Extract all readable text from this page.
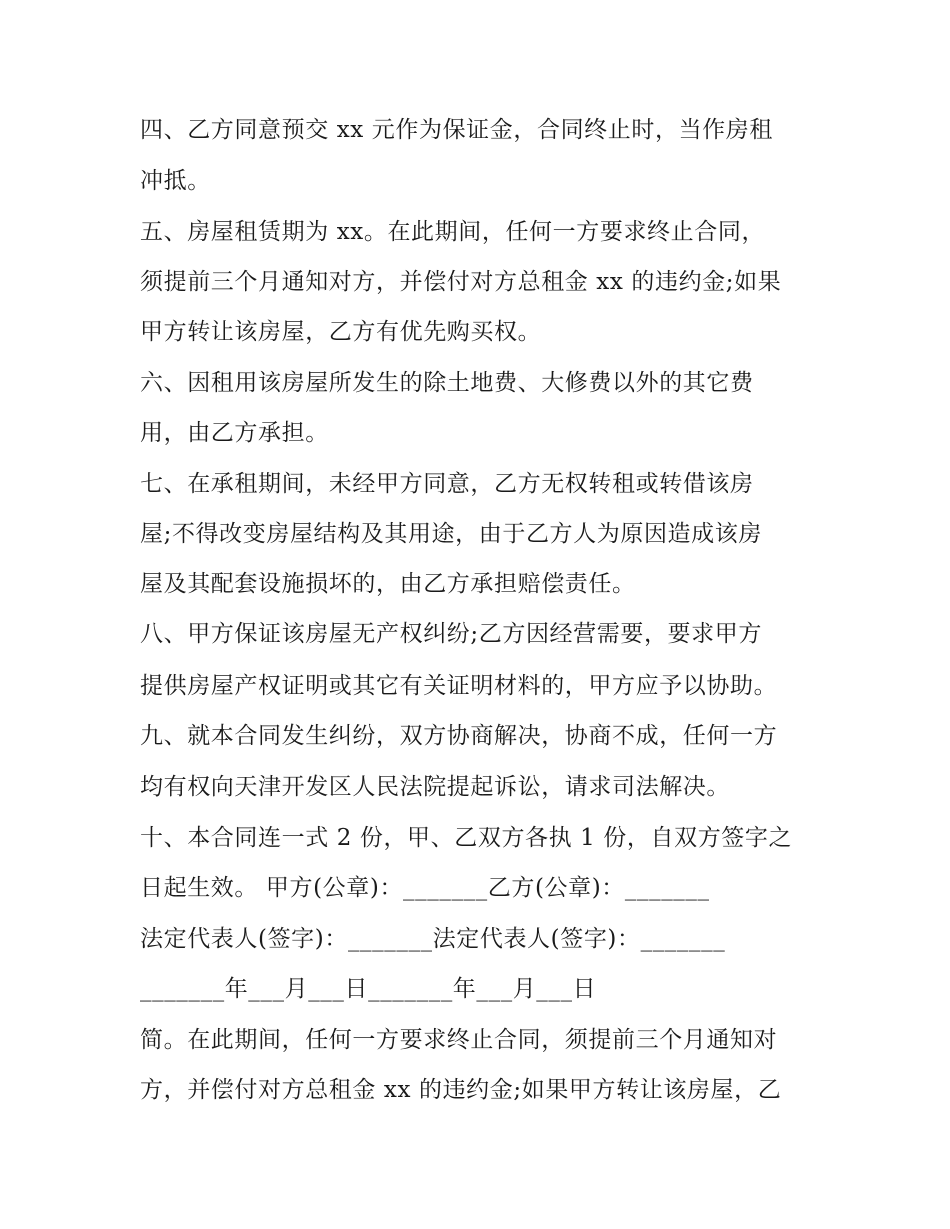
四、乙方同意预交 xx 元作为保证金，合同终止时，当作房租
冲抵。
五、房屋租赁期为 xx。在此期间，任何一方要求终止合同，
须提前三个月通知对方，并偿付对方总租金 xx 的违约金;如果
甲方转让该房屋，乙方有优先购买权。
六、因租用该房屋所发生的除土地费、大修费以外的其它费
用，由乙方承担。
七、在承租期间，未经甲方同意，乙方无权转租或转借该房
屋;不得改变房屋结构及其用途，由于乙方人为原因造成该房
屋及其配套设施损坏的，由乙方承担赔偿责任。
八、甲方保证该房屋无产权纠纷;乙方因经营需要，要求甲方
提供房屋产权证明或其它有关证明材料的，甲方应予以协助。
九、就本合同发生纠纷，双方协商解决，协商不成，任何一方
均有权向天津开发区人民法院提起诉讼，请求司法解决。
十、本合同连一式 2 份，甲、乙双方各执 1 份，自双方签字之
日起生效。 甲方(公章)：_______乙方(公章)：_______
法定代表人(签字)：_______法定代表人(签字)：_______
_______年___月___日_______年___月___日
简。在此期间，任何一方要求终止合同，须提前三个月通知对
方，并偿付对方总租金 xx 的违约金;如果甲方转让该房屋，乙
